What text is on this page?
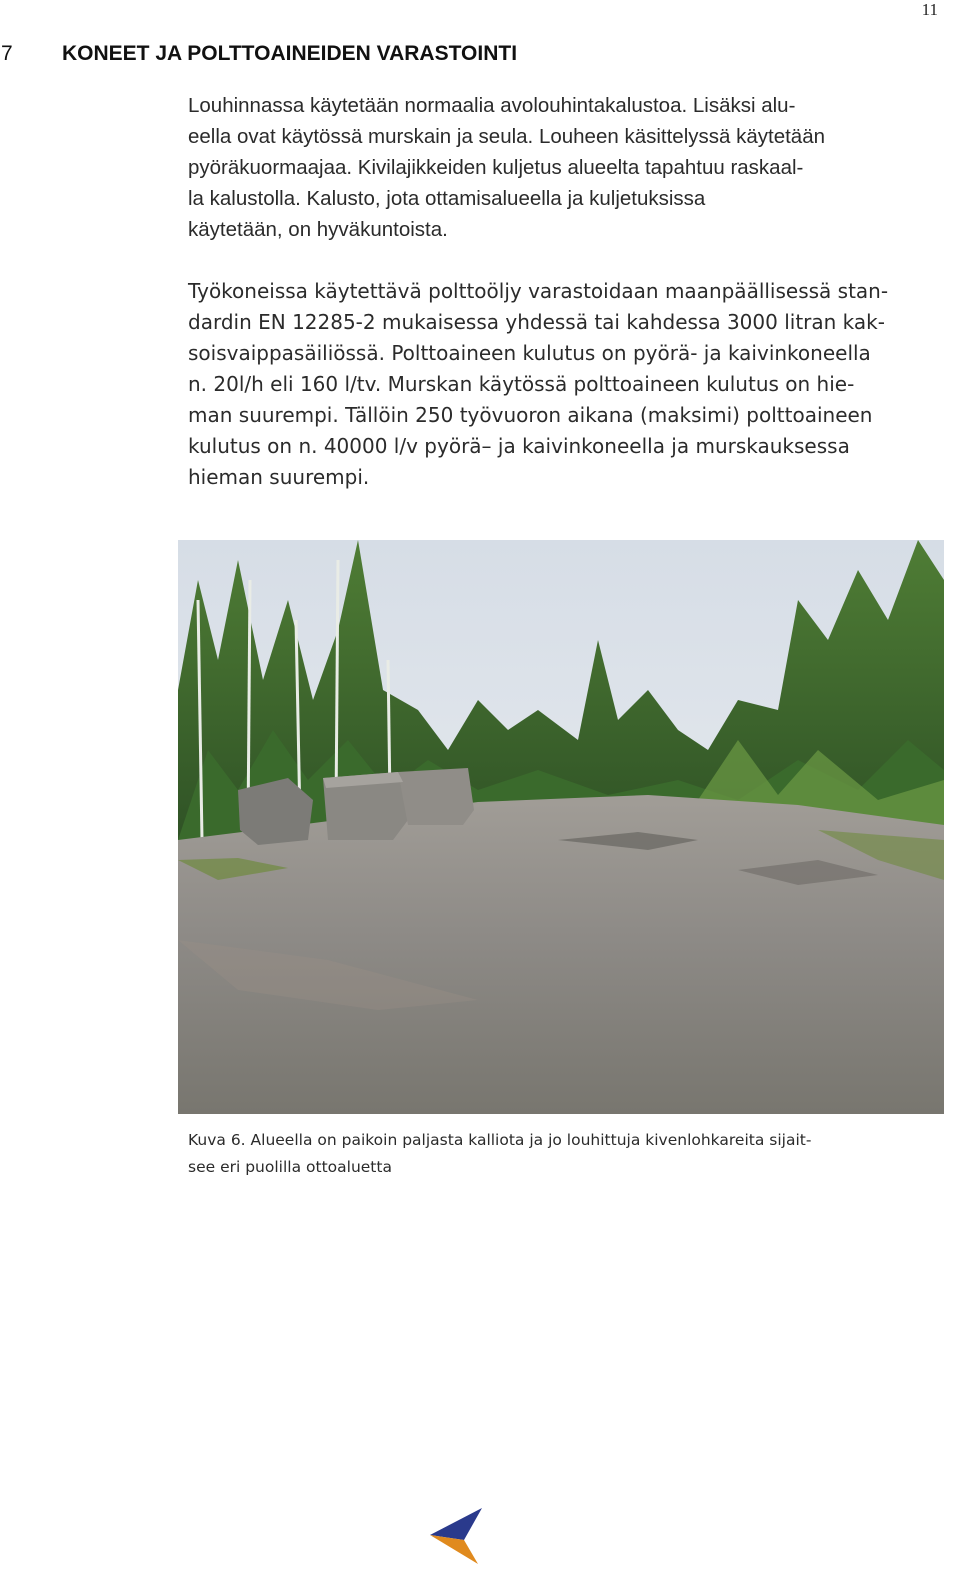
11
7 KONEET JA POLTTOAINEIDEN VARASTOINTI

Louhinnassa käytetään normaalia avolouhintakalustoa. Lisäksi alu-
eella ovat käytössä murskain ja seula. Louheen käsittelyssä käytetään
pyöräkuormaajaa. Kivilajikkeiden kuljetus alueelta tapahtuu raskaal-
la kalustolla. Kalusto, jota ottamisalueella ja kuljetuksissa
käytetään, on hyväkuntoista.

Työkoneissa käytettävä polttoöljy varastoidaan maanpäällisessä stan-
dardin EN 12285-2 mukaisessa yhdessä tai kahdessa 3000 litran kak-
soisvaippasäiliössä. Polttoaineen kulutus on pyörä- ja kaivinkoneella
n. 20l/h eli 160 l/tv. Murskan käytössä polttoaineen kulutus on hie-
man suurempi. Tällöin 250 työvuoron aikana (maksimi) polttoaineen
kulutus on n. 40000 l/v pyörä– ja kaivinkoneella ja murskauksessa
hieman suurempi.

Kuva 6. Alueella on paikoin paljasta kalliota ja jo louhittuja kivenlohkareita sijait-
see eri puolilla ottoaluetta
